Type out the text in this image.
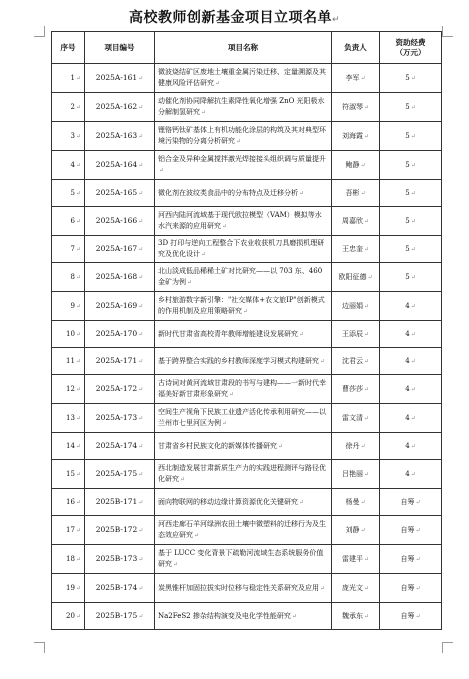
高校教师创新基金项目立项名单↵
序号	项目编号	项目名称	负责人	资助经费
（万元）
1↵	2025A-161↵	微波烧结矿区废地土壤重金属污染迁移、定量溯源及其健康风险评估研究↵	李军↵	5↵
2↵	2025A-162↵	动催化剂协同降解抗生素降性氧化增强 ZnO 光阳极水分解制氢研究↵	符淑琴↵	5↵
3↵	2025A-163↵	锂铬钙钛矿基体上有机功能化涂层的构筑及其对典型环境污染物的分离分析研究↵	刘海霞↵	5↵
4↵	2025A-164↵	铝合金及异种金属搅拌激光焊接接头组织调与质量提升↵	鲍静↵	5↵
5↵	2025A-165↵	微化剂在波纹类食品中的分布特点及迁移分析↵	吾彬↵	5↵
6↵	2025A-166↵	河西内陆河流域基于现代欧拉模型（VAM）模拟等水水汽来源的应用研究↵	周嘉欣↵	5↵
7↵	2025A-167↵	3D 打印与逆向工程整合下农业收获机刀具磨损机理研究及优化设计↵	王忠奎↵	5↵
8↵	2025A-168↵	北山淡成低品稀稀土矿对比研究——以 703 东、460 金矿为例↵	欧阳征德↵	5↵
9↵	2025A-169↵	乡村旅游数字新引擎："社交媒体+农文旅IP"创新模式的作用机制及应用策略研究↵	边丽娟↵	4↵
10↵	2025A-170↵	新时代甘肃省高校青年教师增能建设发展研究↵	王添辰↵	4↵
11↵	2025A-171↵	基于跨界整合实践的乡村教师深度学习模式构建研究↵	沈君云↵	4↵
12↵	2025A-172↵	古诗词对黄河流域甘肃段的书写与建构——一新时代幸福美好新甘肃形象研究↵	曹莎莎↵	4↵
13↵	2025A-173↵	空间生产视角下民族工业遗产活化传承利用研究——以兰州市七里河区为例↵	雷文清↵	4↵
14↵	2025A-174↵	甘肃省乡村民族文化的新媒体传播研究↵	徐丹↵	4↵
15↵	2025A-175↵	西北制造发展甘肃新质生产力的实践进程测评与路径优化研究↵	吕艳丽↵	4↵
16↵	2025B-171↵	面向物联网的移动边缘计算资源优化关键研究↵	杨曼↵	自筹↵
17↵	2025B-172↵	河西走廊石羊河绿洲农田土壤中微塑料的迁移行为及生态效应研究↵	刘静↵	自筹↵
18↵	2025B-173↵	基于 LUCC 变化背景下疏勒河流域生态系统服务价值研究↵	雷建平↵	自筹↵
19↵	2025B-174↵	炭黑锥杆加固拉拔实时位移与稳定性关系研究及应用↵	庞光文↵	自筹↵
20↵	2025B-175↵	Na2FeS2 掺杂结构演变及电化学性能研究↵	魏承东↵	自筹↵
